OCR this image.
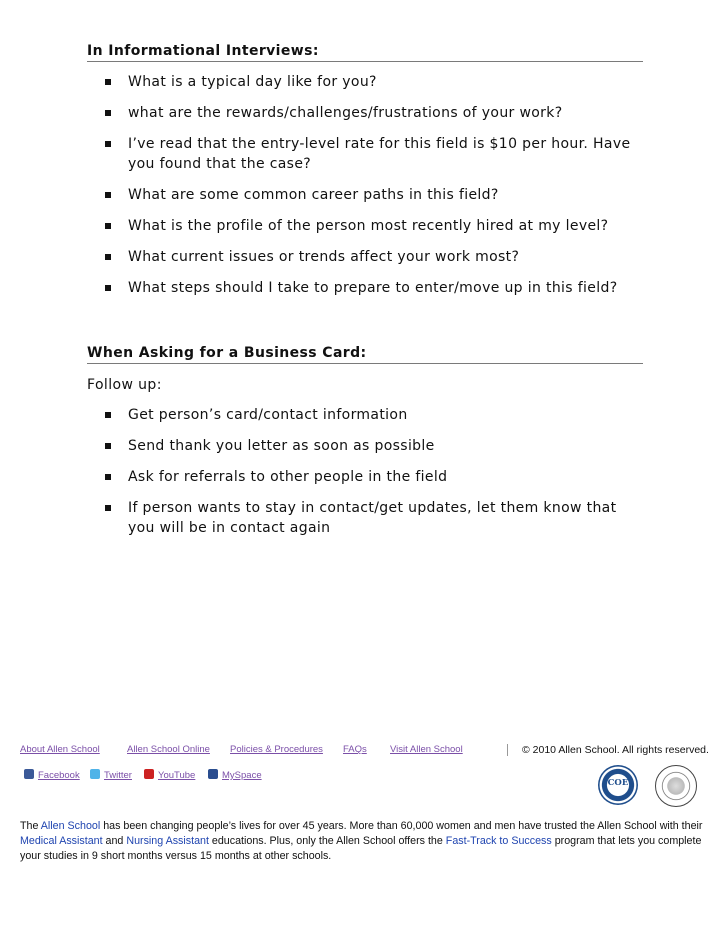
In Informational Interviews:
What is a typical day like for you?
what are the rewards/challenges/frustrations of your work?
I’ve read that the entry-level rate for this field is $10 per hour. Have you found that the case?
What are some common career paths in this field?
What is the profile of the person most recently hired at my level?
What current issues or trends affect your work most?
What steps should I take to prepare to enter/move up in this field?
When Asking for a Business Card:
Follow up:
Get person’s card/contact information
Send thank you letter as soon as possible
Ask for referrals to other people in the field
If person wants to stay in contact/get updates, let them know that you will be in contact again
About Allen School	Allen School Online Policies & Procedures FAQs Visit Allen School	© 2010 Allen School. All rights reserved.
Facebook	Twitter	YouTube	MySpace
COE
The Allen School has been changing people’s lives for over 45 years. More than 60,000 women and men have trusted the Allen School with their Medical Assistant and Nursing Assistant educations. Plus, only the Allen School offers the Fast-Track to Success program that lets you complete your studies in 9 short months versus 15 months at other schools.
